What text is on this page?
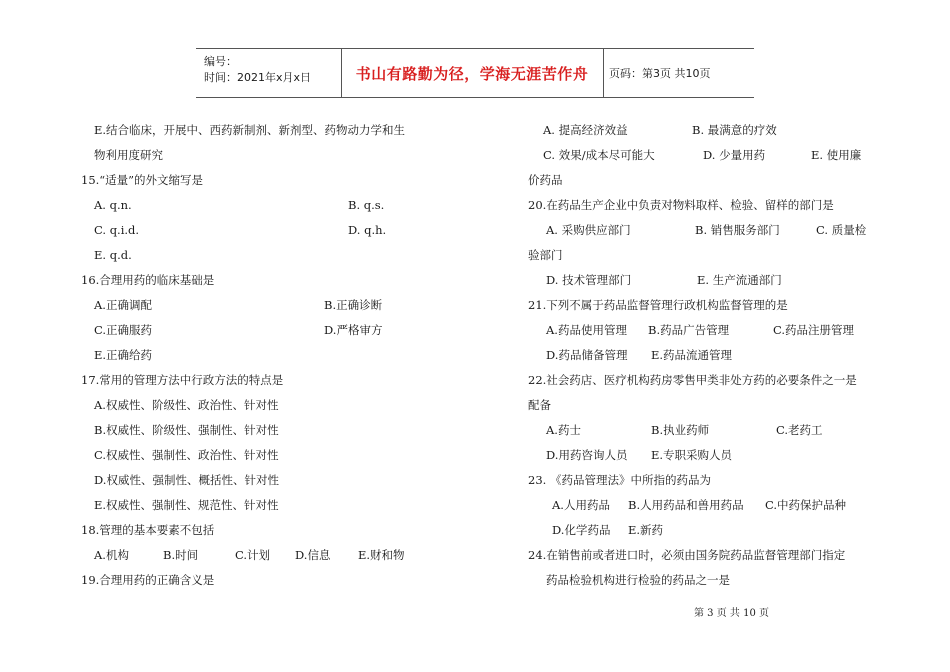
编号：
时间：2021年x月x日	书山有路勤为径，学海无涯苦作舟 页码：第3页 共10页
E.结合临床，开展中、西药新制剂、新剂型、药物动力学和生
物利用度研究
15.“适量”的外文缩写是
A. q.n.	B. q.s.
C. q.i.d.	D. q.h.
E. q.d.
16.合理用药的临床基础是
A.正确调配	B.正确诊断
C.正确服药	D.严格审方
E.正确给药
17.常用的管理方法中行政方法的特点是
A.权威性、阶级性、政治性、针对性
B.权威性、阶级性、强制性、针对性
C.权威性、强制性、政治性、针对性
D.权威性、强制性、概括性、针对性
E.权威性、强制性、规范性、针对性
18.管理的基本要素不包括
A.机构	B.时间	C.计划 D.信息 E.财和物
19.合理用药的正确含义是
A. 提高经济效益	B. 最满意的疗效
C. 效果/成本尽可能大	D. 少量用药	E. 使用廉
价药品
20.在药品生产企业中负责对物料取样、检验、留样的部门是
A. 采购供应部门	B. 销售服务部门	C. 质量检
验部门
D. 技术管理部门	E. 生产流通部门
21.下列不属于药品监督管理行政机构监督管理的是
A.药品使用管理 B.药品广告管理	C.药品注册管理
D.药品储备管理 E.药品流通管理
22.社会药店、医疗机构药房零售甲类非处方药的必要条件之一是
配备
A.药士	B.执业药师	C.老药工
D.用药咨询人员 E.专职采购人员
23. 《药品管理法》中所指的药品为
A.人用药品 B.人用药品和兽用药品 C.中药保护品种
D.化学药品 E.新药
24.在销售前或者进口时，必须由国务院药品监督管理部门指定
药品检验机构进行检验的药品之一是
第 3 页 共 10 页
